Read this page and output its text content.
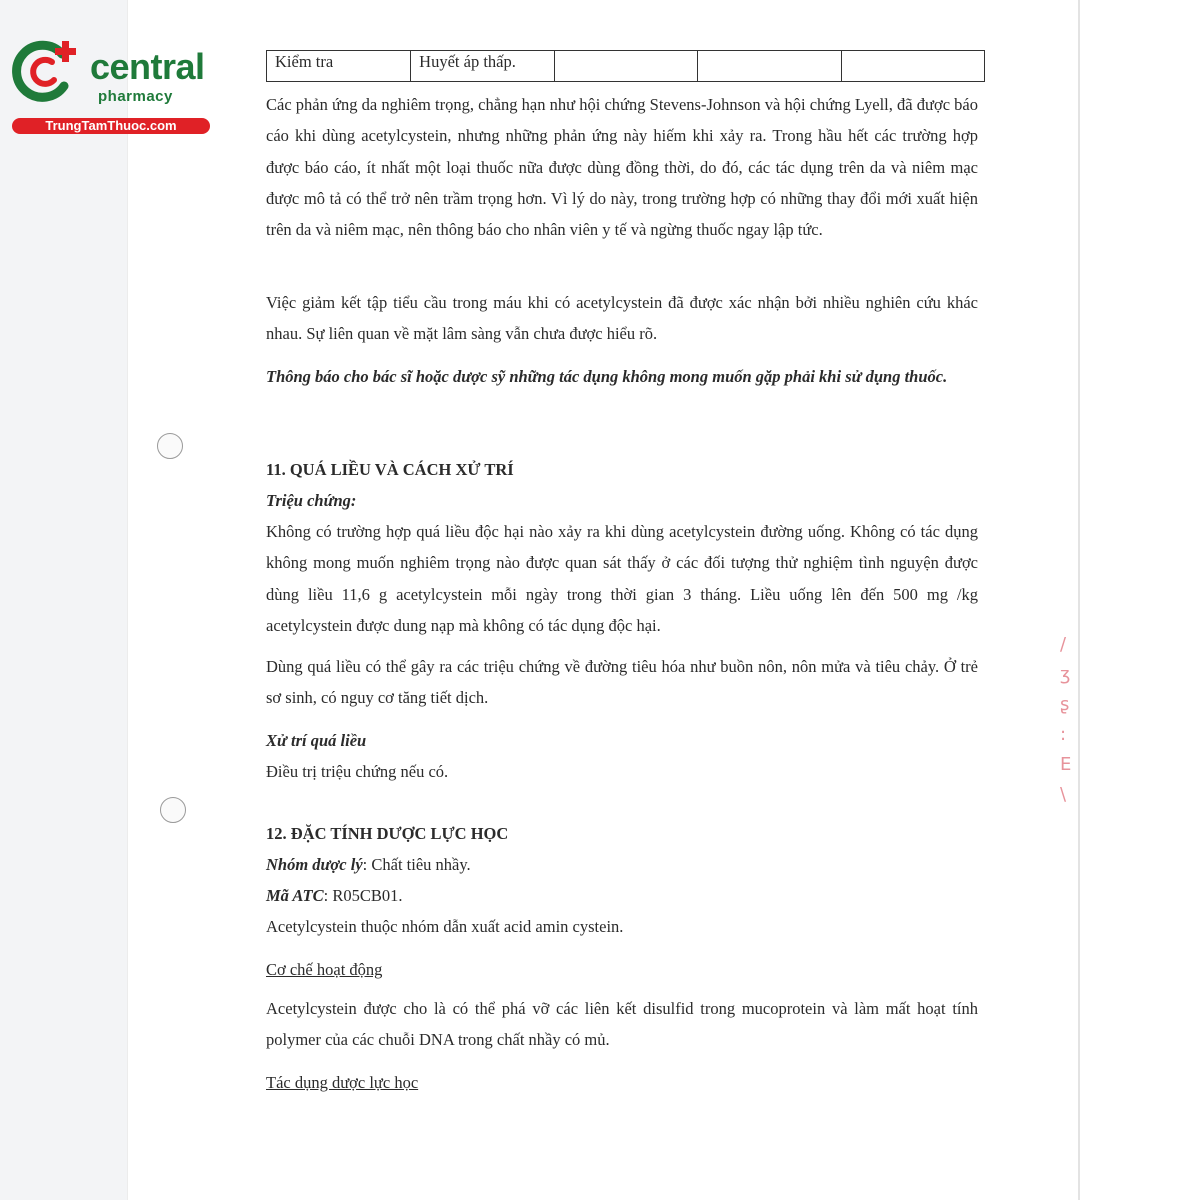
/
ʒ
ʂ
:
E
\
central
pharmacy
TrungTamThuoc.com
Kiểm tra	Huyết áp thấp.			

Các phản ứng da nghiêm trọng, chẳng hạn như hội chứng Stevens-Johnson và hội chứng Lyell, đã được báo cáo khi dùng acetylcystein, nhưng những phản ứng này hiếm khi xảy ra. Trong hầu hết các trường hợp được báo cáo, ít nhất một loại thuốc nữa được dùng đồng thời, do đó, các tác dụng trên da và niêm mạc được mô tả có thể trở nên trầm trọng hơn. Vì lý do này, trong trường hợp có những thay đổi mới xuất hiện trên da và niêm mạc, nên thông báo cho nhân viên y tế và ngừng thuốc ngay lập tức.

Việc giảm kết tập tiểu cầu trong máu khi có acetylcystein đã được xác nhận bởi nhiều nghiên cứu khác nhau. Sự liên quan về mặt lâm sàng vẫn chưa được hiểu rõ.

Thông báo cho bác sĩ hoặc dược sỹ những tác dụng không mong muốn gặp phải khi sử dụng thuốc.

11. QUÁ LIỀU VÀ CÁCH XỬ TRÍ
Triệu chứng:

Không có trường hợp quá liều độc hại nào xảy ra khi dùng acetylcystein đường uống. Không có tác dụng không mong muốn nghiêm trọng nào được quan sát thấy ở các đối tượng thử nghiệm tình nguyện được dùng liều 11,6 g acetylcystein mỗi ngày trong thời gian 3 tháng. Liều uống lên đến 500 mg /kg acetylcystein được dung nạp mà không có tác dụng độc hại.

Dùng quá liều có thể gây ra các triệu chứng về đường tiêu hóa như buồn nôn, nôn mửa và tiêu chảy. Ở trẻ sơ sinh, có nguy cơ tăng tiết dịch.

Xử trí quá liều
Điều trị triệu chứng nếu có.
12. ĐẶC TÍNH DƯỢC LỰC HỌC
Nhóm dược lý: Chất tiêu nhầy.
Mã ATC: R05CB01.
Acetylcystein thuộc nhóm dẫn xuất acid amin cystein.
Cơ chế hoạt động

Acetylcystein được cho là có thể phá vỡ các liên kết disulfid trong mucoprotein và làm mất hoạt tính polymer của các chuỗi DNA trong chất nhầy có mủ.

Tác dụng dược lực học
